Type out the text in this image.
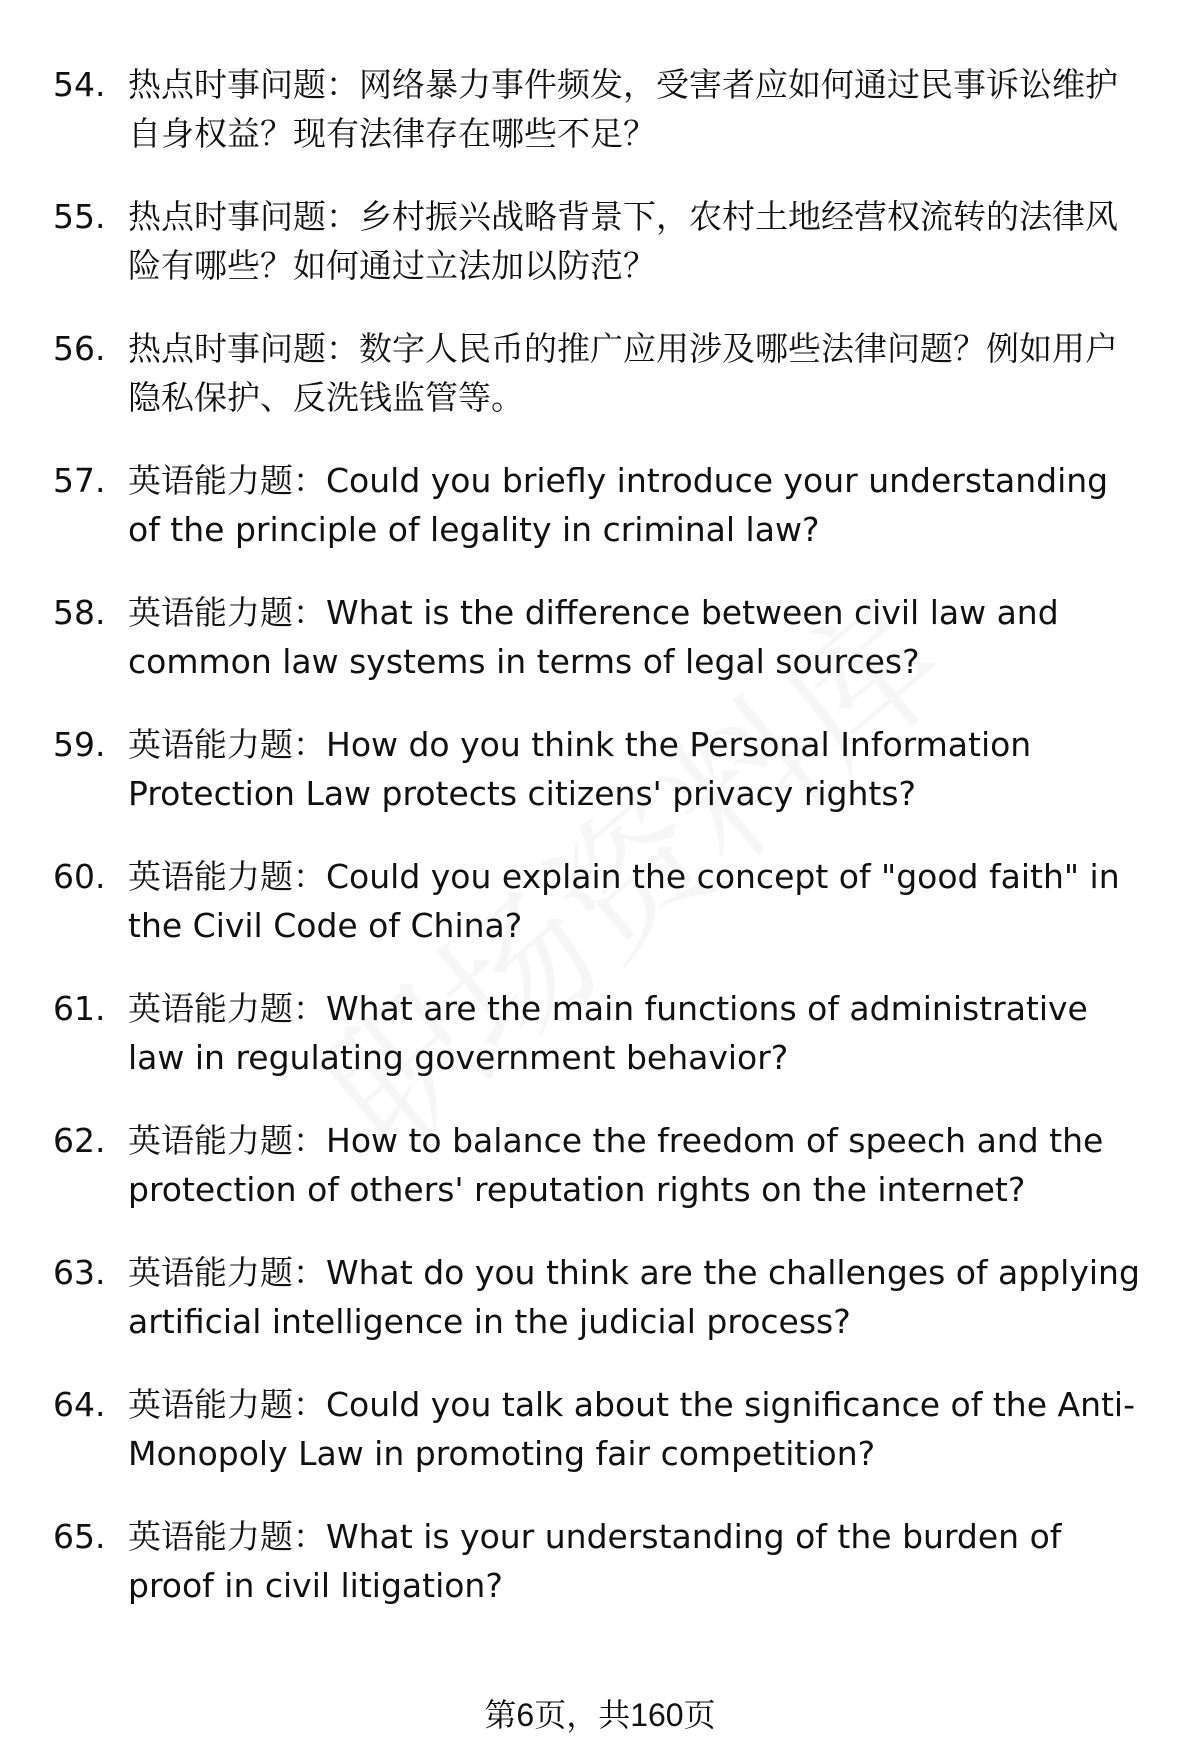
54. 热点时事问题：网络暴力事件频发，受害者应如何通过民事诉讼维护自身权益？现有法律存在哪些不足？
55. 热点时事问题：乡村振兴战略背景下，农村土地经营权流转的法律风险有哪些？如何通过立法加以防范？
56. 热点时事问题：数字人民币的推广应用涉及哪些法律问题？例如用户隐私保护、反洗钱监管等。
57. 英语能力题：Could you briefly introduce your understanding of the principle of legality in criminal law?
58. 英语能力题：What is the difference between civil law and common law systems in terms of legal sources?
59. 英语能力题：How do you think the Personal Information Protection Law protects citizens' privacy rights?
60. 英语能力题：Could you explain the concept of "good faith" in the Civil Code of China?
61. 英语能力题：What are the main functions of administrative law in regulating government behavior?
62. 英语能力题：How to balance the freedom of speech and the protection of others' reputation rights on the internet?
63. 英语能力题：What do you think are the challenges of applying artificial intelligence in the judicial process?
64. 英语能力题：Could you talk about the significance of the Anti-Monopoly Law in promoting fair competition?
65. 英语能力题：What is your understanding of the burden of proof in civil litigation?
第6页，共160页
